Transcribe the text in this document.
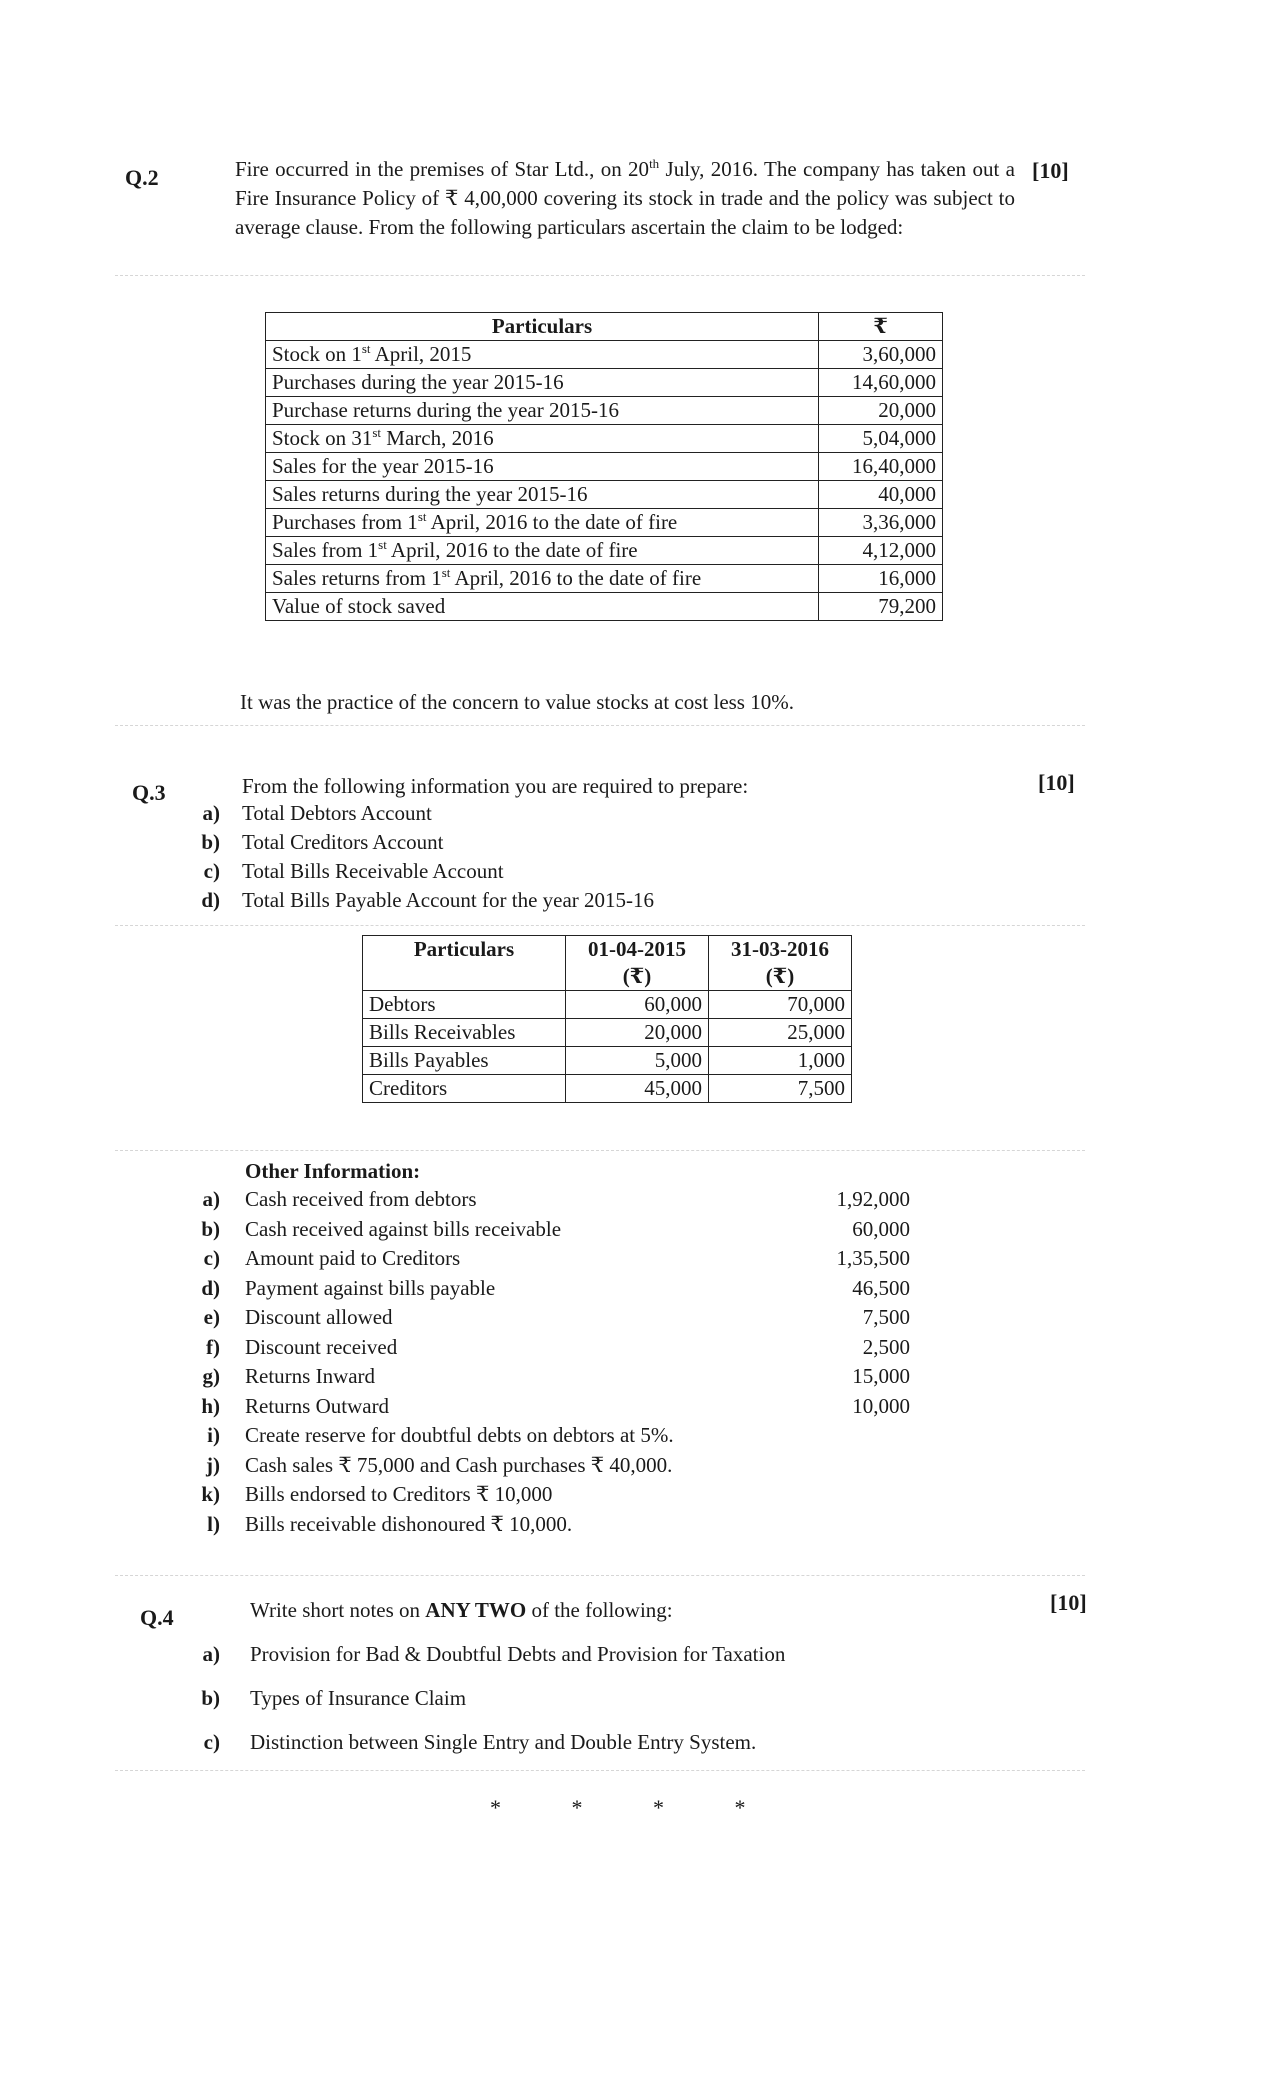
Q.2	[10]
Fire occurred in the premises of Star Ltd., on 20th July, 2016. The company has taken out a Fire Insurance Policy of ₹ 4,00,000 covering its stock in trade and the policy was subject to average clause. From the following particulars ascertain the claim to be lodged:
Particulars	₹
Stock on 1st April, 2015	3,60,000
Purchases during the year 2015-16	14,60,000
Purchase returns during the year 2015-16	20,000
Stock on 31st March, 2016	5,04,000
Sales for the year 2015-16	16,40,000
Sales returns during the year 2015-16	40,000
Purchases from 1st April, 2016 to the date of fire	3,36,000
Sales from 1st April, 2016 to the date of fire	4,12,000
Sales returns from 1st April, 2016 to the date of fire	16,000
Value of stock saved	79,200
It was the practice of the concern to value stocks at cost less 10%.
Q.3	[10]
From the following information you are required to prepare:
a) Total Debtors Account
b) Total Creditors Account
c) Total Bills Receivable Account
d) Total Bills Payable Account for the year 2015-16
Particulars	01-04-2015	31-03-2016
	(₹)	(₹)
Debtors	60,000	70,000
Bills Receivables	20,000	25,000
Bills Payables	5,000	1,000
Creditors	45,000	7,500
Other Information:
a) Cash received from debtors	1,92,000
b) Cash received against bills receivable	60,000
c) Amount paid to Creditors	1,35,500
d) Payment against bills payable	46,500
e) Discount allowed	7,500
f) Discount received	2,500
g) Returns Inward	15,000
h) Returns Outward	10,000
i) Create reserve for doubtful debts on debtors at 5%.
j) Cash sales ₹ 75,000 and Cash purchases ₹ 40,000.
k) Bills endorsed to Creditors ₹ 10,000
l) Bills receivable dishonoured ₹ 10,000.
Q.4
[10]
Write short notes on ANY TWO of the following:
a) Provision for Bad & Doubtful Debts and Provision for Taxation
b) Types of Insurance Claim
c) Distinction between Single Entry and Double Entry System.
*	*	*	*
